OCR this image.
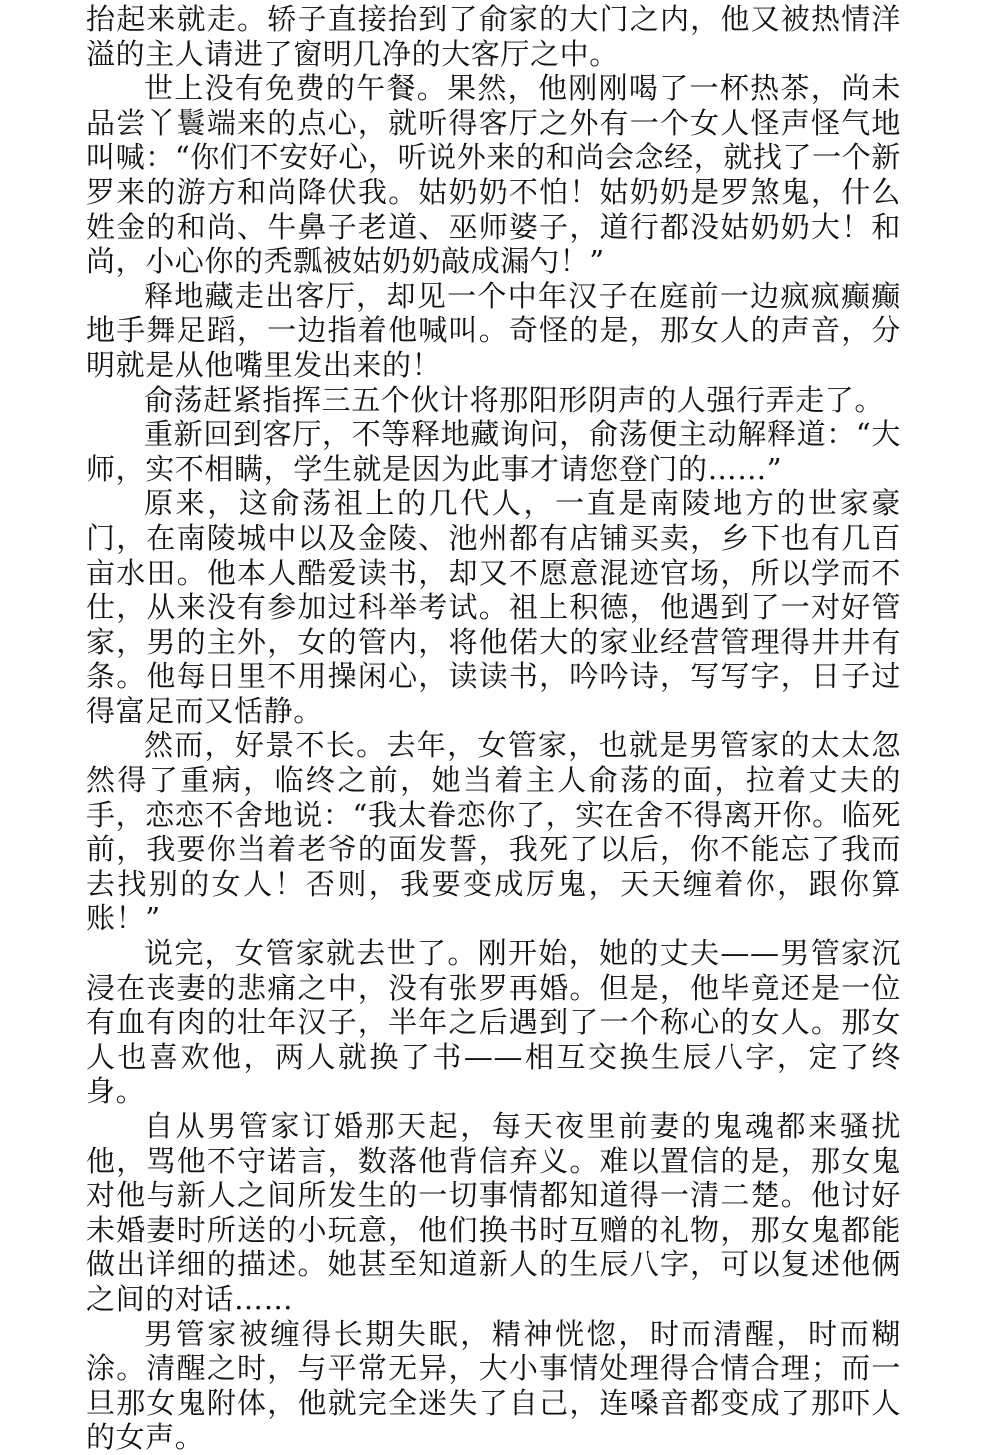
抬起来就走。轿子直接抬到了俞家的大门之内，他又被热情洋溢的主人请进了窗明几净的大客厅之中。

世上没有免费的午餐。果然，他刚刚喝了一杯热茶，尚未品尝丫鬟端来的点心，就听得客厅之外有一个女人怪声怪气地叫喊：“你们不安好心，听说外来的和尚会念经，就找了一个新罗来的游方和尚降伏我。姑奶奶不怕！姑奶奶是罗煞鬼，什么姓金的和尚、牛鼻子老道、巫师婆子，道行都没姑奶奶大！和尚，小心你的秃瓢被姑奶奶敲成漏勺！”

释地藏走出客厅，却见一个中年汉子在庭前一边疯疯癫癫地手舞足蹈，一边指着他喊叫。奇怪的是，那女人的声音，分明就是从他嘴里发出来的！

俞荡赶紧指挥三五个伙计将那阳形阴声的人强行弄走了。

重新回到客厅，不等释地藏询问，俞荡便主动解释道：“大师，实不相瞒，学生就是因为此事才请您登门的……”

原来，这俞荡祖上的几代人，一直是南陵地方的世家豪门，在南陵城中以及金陵、池州都有店铺买卖，乡下也有几百亩水田。他本人酷爱读书，却又不愿意混迹官场，所以学而不仕，从来没有参加过科举考试。祖上积德，他遇到了一对好管家，男的主外，女的管内，将他偌大的家业经营管理得井井有条。他每日里不用操闲心，读读书，吟吟诗，写写字，日子过得富足而又恬静。

然而，好景不长。去年，女管家，也就是男管家的太太忽然得了重病，临终之前，她当着主人俞荡的面，拉着丈夫的手，恋恋不舍地说：“我太眷恋你了，实在舍不得离开你。临死前，我要你当着老爷的面发誓，我死了以后，你不能忘了我而去找别的女人！否则，我要变成厉鬼，天天缠着你，跟你算账！”

说完，女管家就去世了。刚开始，她的丈夫——男管家沉浸在丧妻的悲痛之中，没有张罗再婚。但是，他毕竟还是一位有血有肉的壮年汉子，半年之后遇到了一个称心的女人。那女人也喜欢他，两人就换了书——相互交换生辰八字，定了终身。

自从男管家订婚那天起，每天夜里前妻的鬼魂都来骚扰他，骂他不守诺言，数落他背信弃义。难以置信的是，那女鬼对他与新人之间所发生的一切事情都知道得一清二楚。他讨好未婚妻时所送的小玩意，他们换书时互赠的礼物，那女鬼都能做出详细的描述。她甚至知道新人的生辰八字，可以复述他俩之间的对话……

男管家被缠得长期失眠，精神恍惚，时而清醒，时而糊涂。清醒之时，与平常无异，大小事情处理得合情合理；而一旦那女鬼附体，他就完全迷失了自己，连嗓音都变成了那吓人的女声。
